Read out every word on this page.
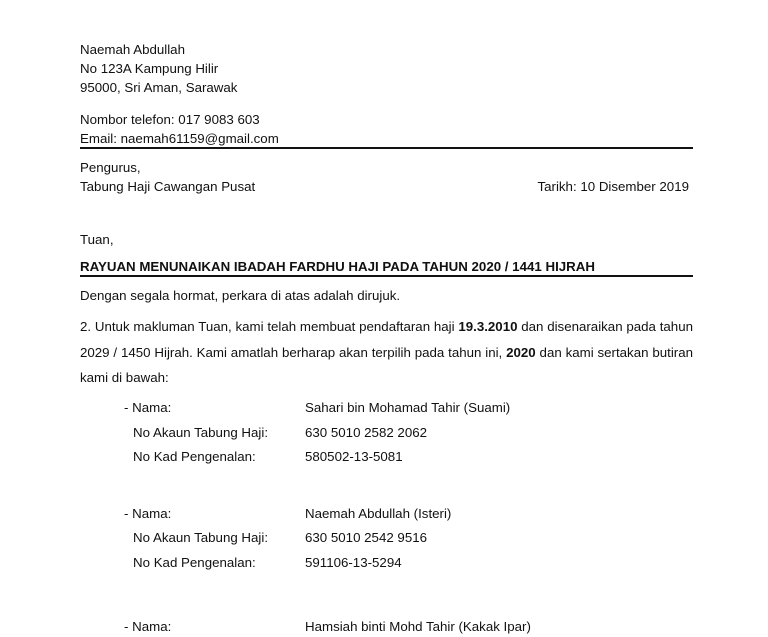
Naemah Abdullah
No 123A Kampung Hilir
95000, Sri Aman, Sarawak
Nombor telefon: 017 9083 603
Email: naemah61159@gmail.com
Pengurus,
Tabung Haji Cawangan Pusat	Tarikh: 10 Disember 2019
Tuan,
RAYUAN MENUNAIKAN IBADAH FARDHU HAJI PADA TAHUN 2020 / 1441 HIJRAH
Dengan segala hormat, perkara di atas adalah dirujuk.
2. Untuk makluman Tuan, kami telah membuat pendaftaran haji 19.3.2010 dan disenaraikan pada tahun 2029 / 1450 Hijrah. Kami amatlah berharap akan terpilih pada tahun ini, 2020 dan kami sertakan butiran kami di bawah:
- Nama:	Sahari bin Mohamad Tahir (Suami)
No Akaun Tabung Haji:	630 5010 2582 2062
No Kad Pengenalan:	580502-13-5081
- Nama:	Naemah Abdullah (Isteri)
No Akaun Tabung Haji:	630 5010 2542 9516
No Kad Pengenalan:	591106-13-5294
- Nama:	Hamsiah binti Mohd Tahir (Kakak Ipar)
